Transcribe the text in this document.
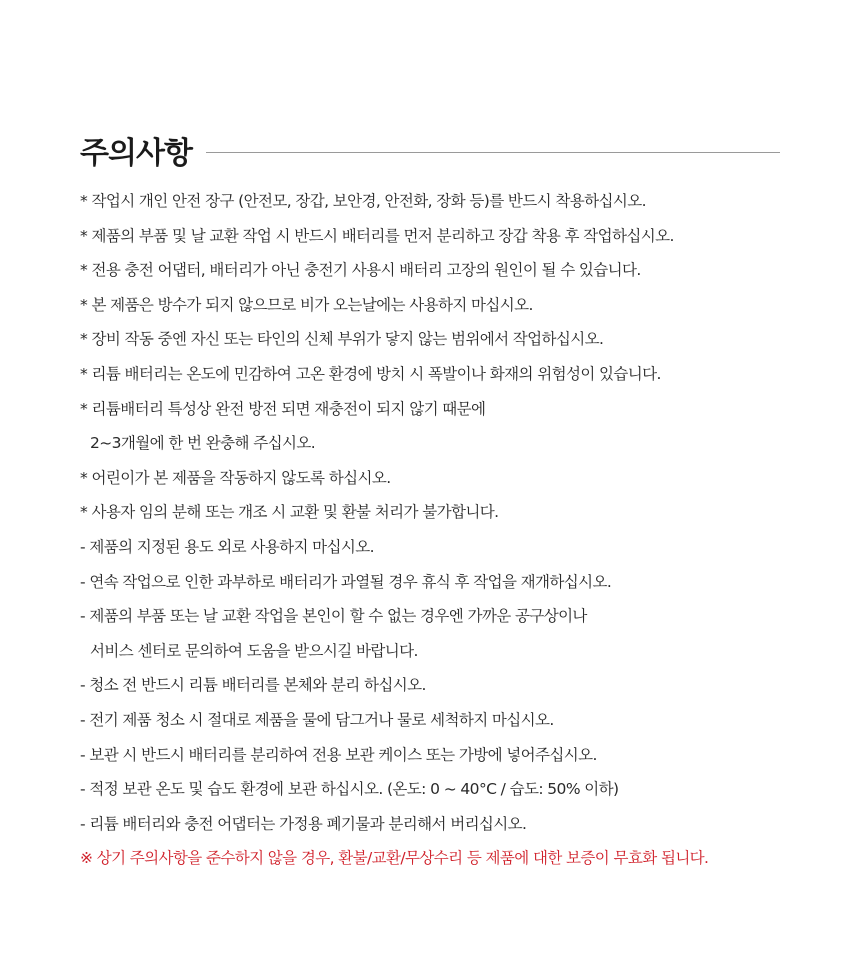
주의사항
* 작업시 개인 안전 장구 (안전모, 장갑, 보안경, 안전화, 장화 등)를 반드시 착용하십시오.
* 제품의 부품 및 날 교환 작업 시 반드시 배터리를 먼저 분리하고 장갑 착용 후 작업하십시오.
* 전용 충전 어댑터, 배터리가 아닌 충전기 사용시 배터리 고장의 원인이 될 수 있습니다.
* 본 제품은 방수가 되지 않으므로 비가 오는날에는 사용하지 마십시오.
* 장비 작동 중엔 자신 또는 타인의 신체 부위가 닿지 않는 범위에서 작업하십시오.
* 리튬 배터리는 온도에 민감하여 고온 환경에 방치 시 폭발이나 화재의 위험성이 있습니다.
* 리튬배터리 특성상 완전 방전 되면 재충전이 되지 않기 때문에
2~3개월에 한 번 완충해 주십시오.
* 어린이가 본 제품을 작동하지 않도록 하십시오.
* 사용자 임의 분해 또는 개조 시 교환 및 환불 처리가 불가합니다.
- 제품의 지정된 용도 외로 사용하지 마십시오.
- 연속 작업으로 인한 과부하로 배터리가 과열될 경우 휴식 후 작업을 재개하십시오.
- 제품의 부품 또는 날 교환 작업을 본인이 할 수 없는 경우엔 가까운 공구상이나
서비스 센터로 문의하여 도움을 받으시길 바랍니다.
- 청소 전 반드시 리튬 배터리를 본체와 분리 하십시오.
- 전기 제품 청소 시 절대로 제품을 물에 담그거나 물로 세척하지 마십시오.
- 보관 시 반드시 배터리를 분리하여 전용 보관 케이스 또는 가방에 넣어주십시오.
- 적정 보관 온도 및 습도 환경에 보관 하십시오. (온도: 0 ~ 40°C / 습도: 50% 이하)
- 리튬 배터리와 충전 어댑터는 가정용 폐기물과 분리해서 버리십시오.
※ 상기 주의사항을 준수하지 않을 경우, 환불/교환/무상수리 등 제품에 대한 보증이 무효화 됩니다.
